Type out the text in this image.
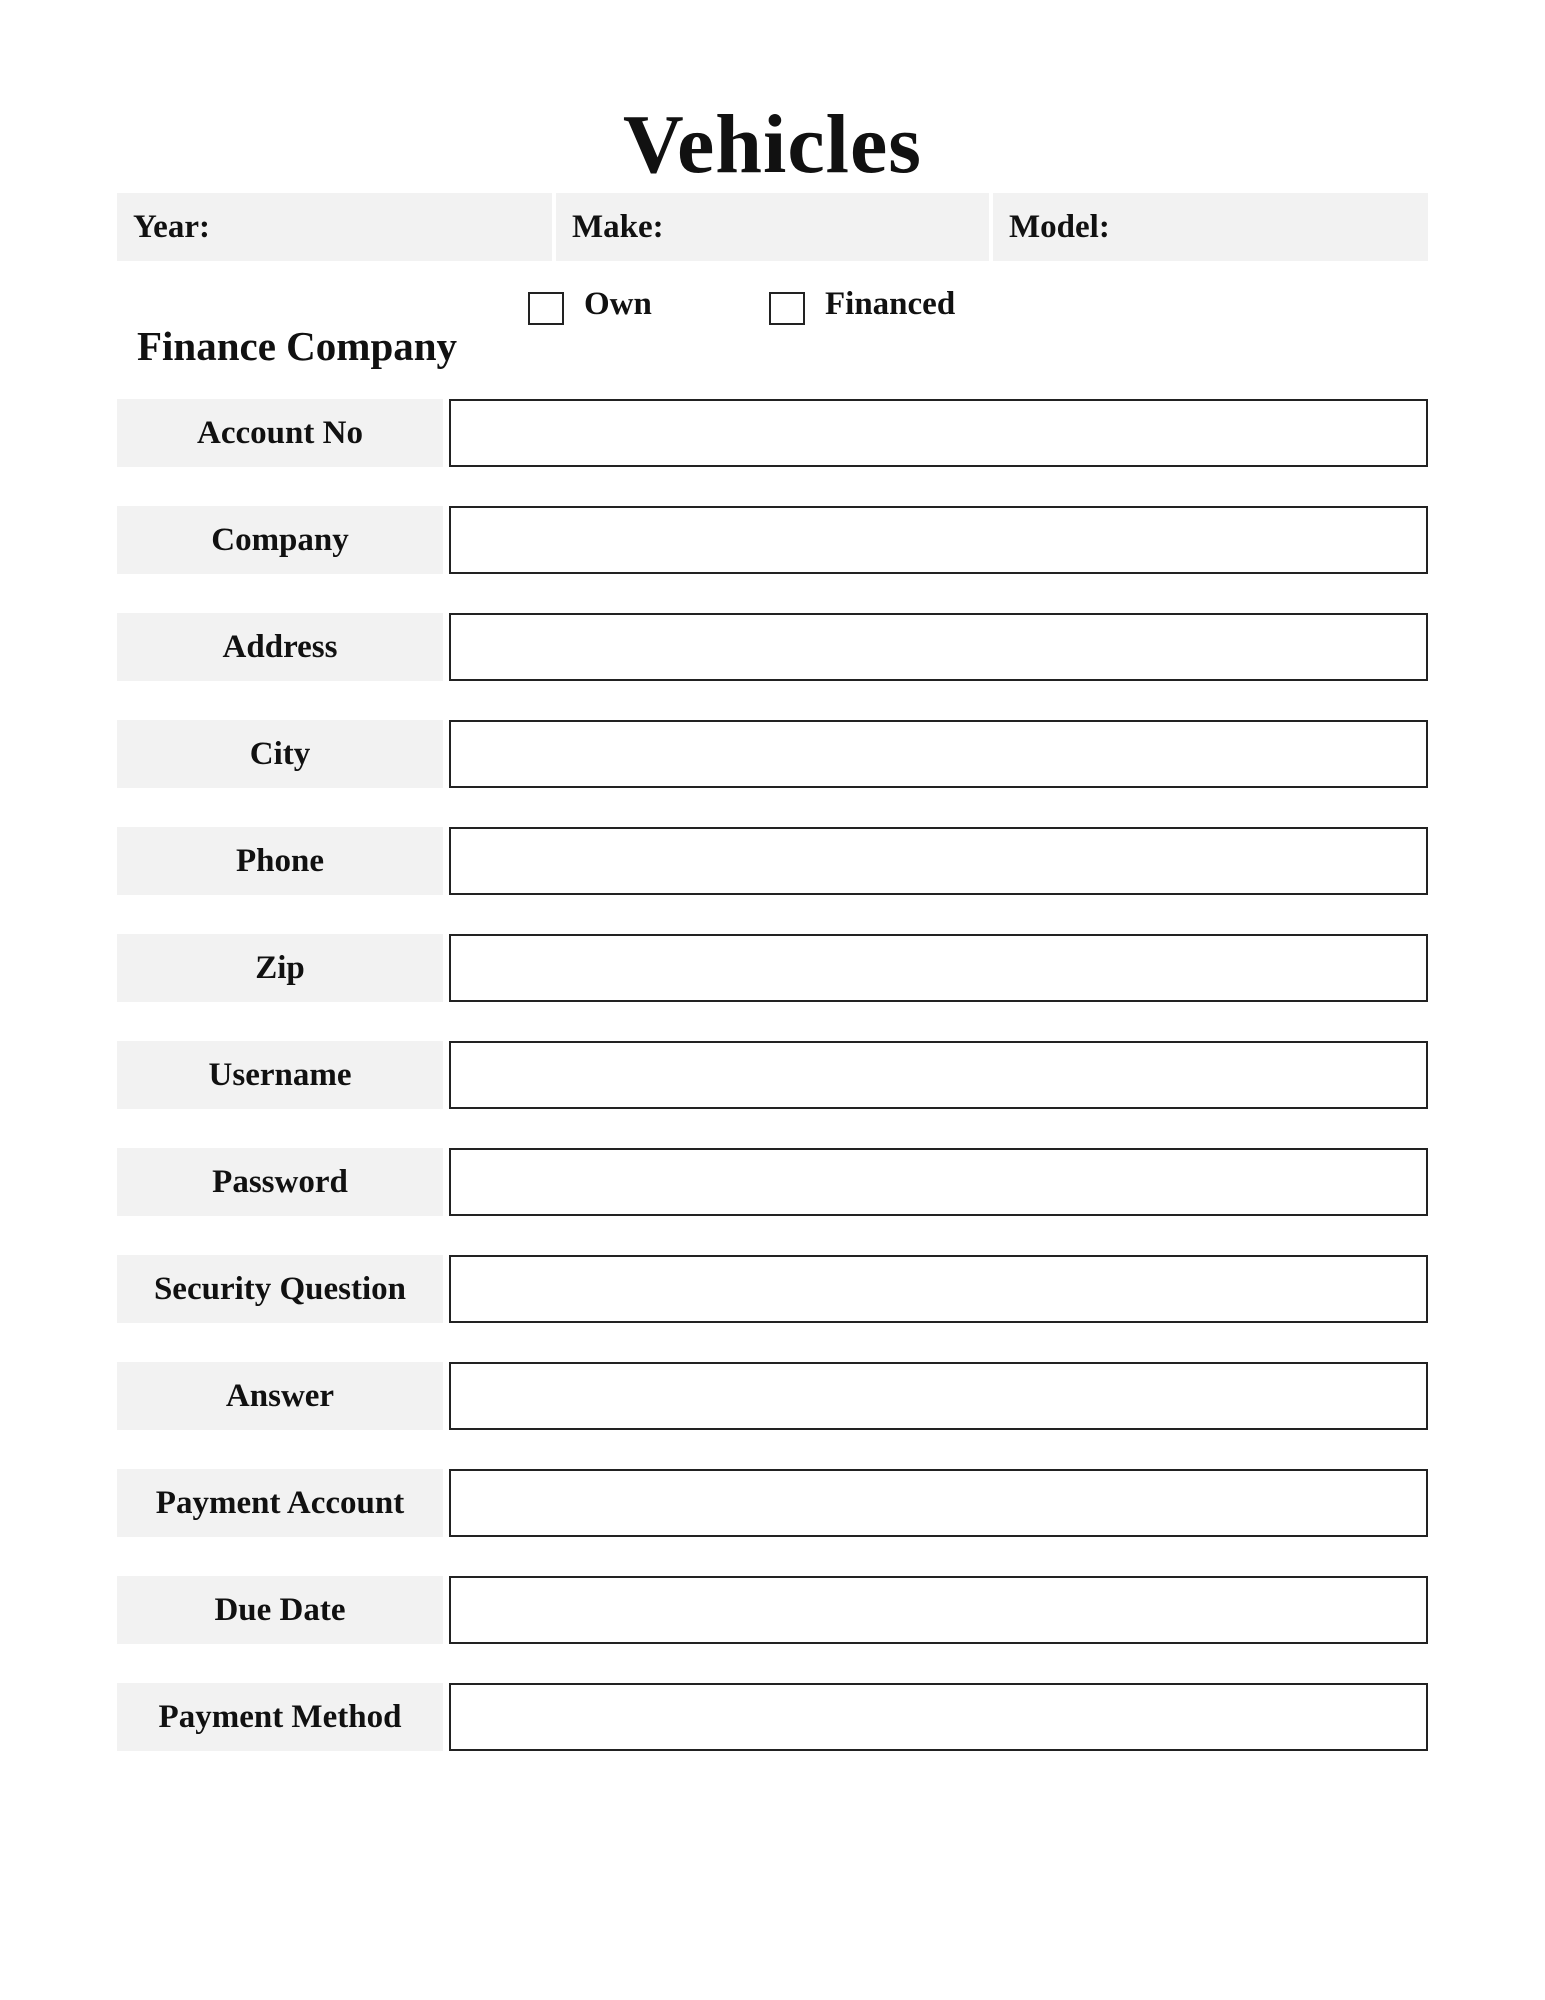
Vehicles
Year:	Make:	Model:
Own	Financed
Finance Company
Account No
Company
Address
City
Phone
Zip
Username
Password
Security Question
Answer
Payment Account
Due Date
Payment Method
